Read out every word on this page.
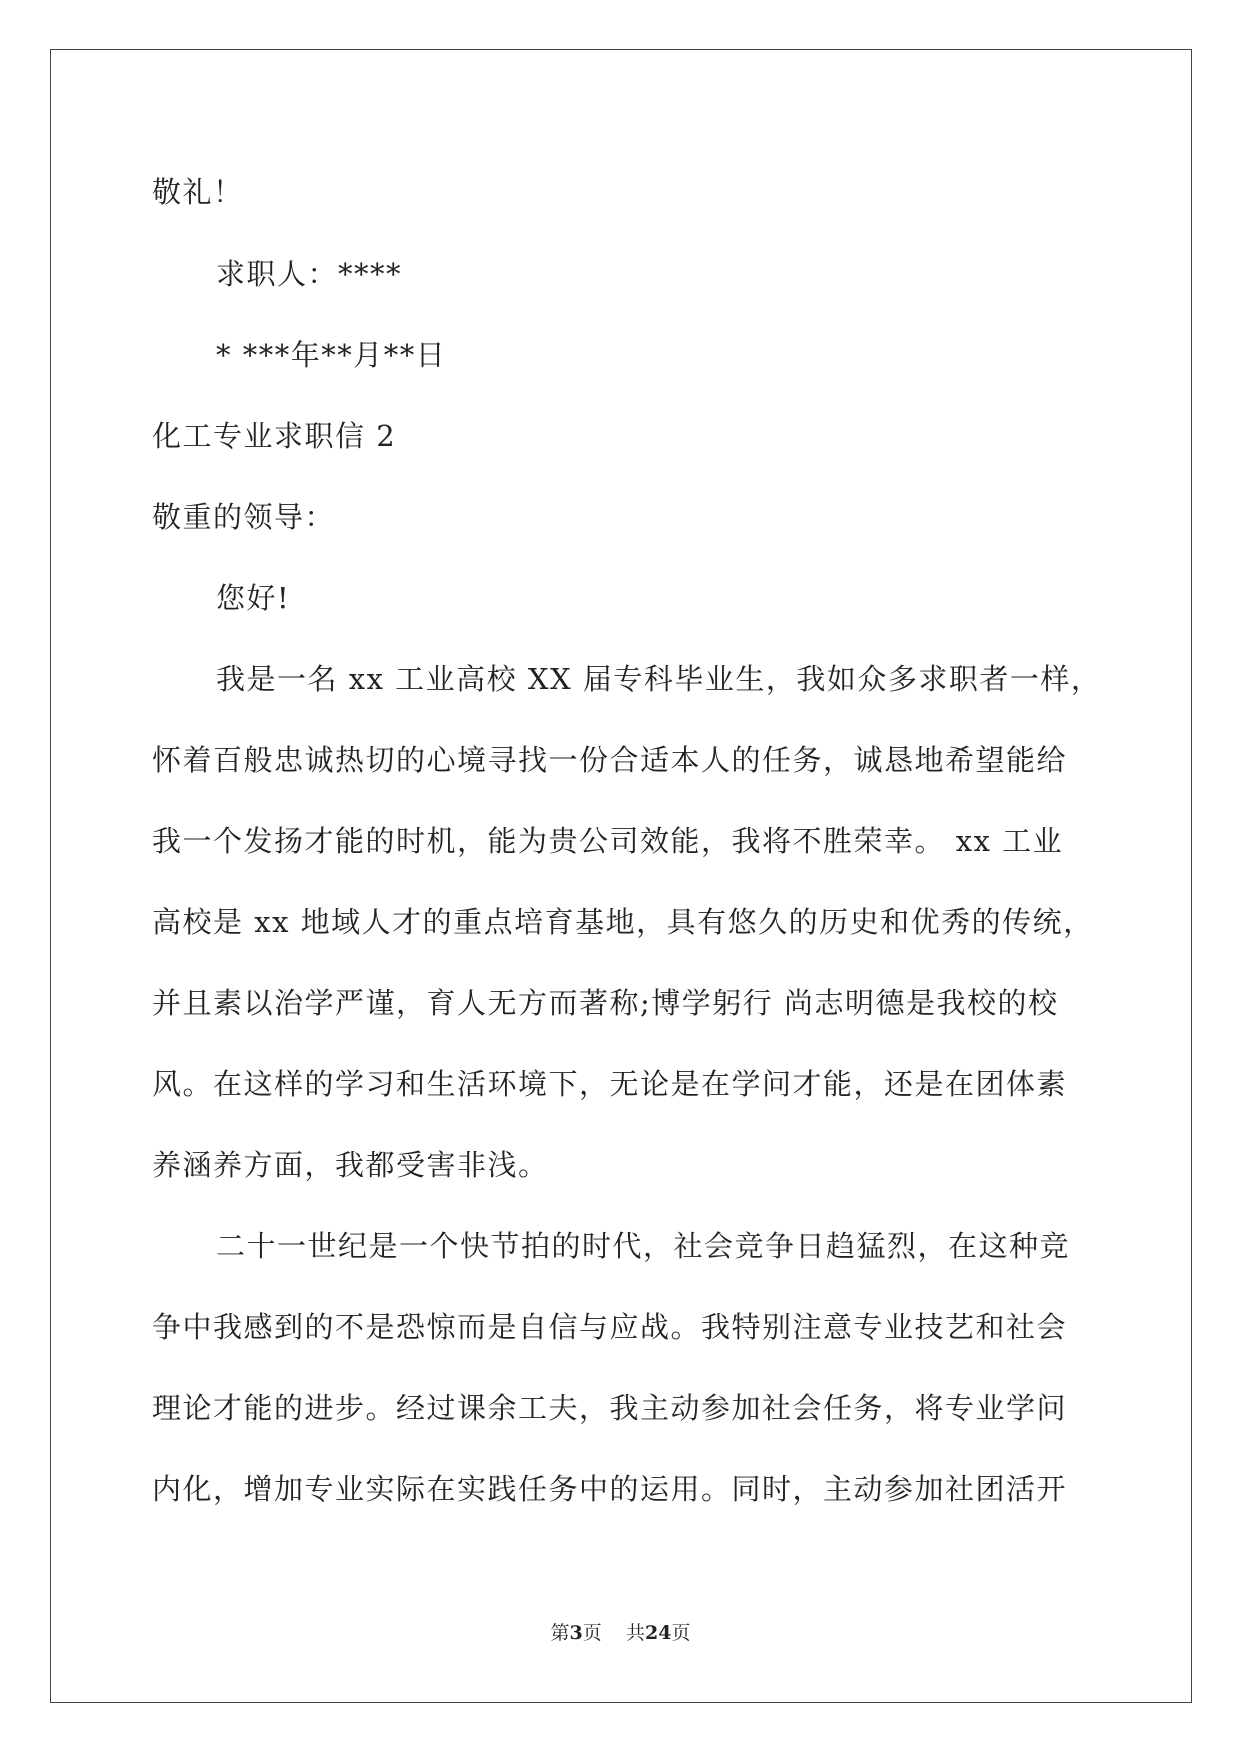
敬礼！
求职人：****
* ***年**月**日
化工专业求职信 2
敬重的领导：
您好!
我是一名 xx 工业高校 XX 届专科毕业生，我如众多求职者一样，
怀着百般忠诚热切的心境寻找一份合适本人的任务，诚恳地希望能给
我一个发扬才能的时机，能为贵公司效能，我将不胜荣幸。 xx 工业
高校是 xx 地域人才的重点培育基地，具有悠久的历史和优秀的传统，
并且素以治学严谨，育人无方而著称;博学躬行 尚志明德是我校的校
风。在这样的学习和生活环境下，无论是在学问才能，还是在团体素
养涵养方面，我都受害非浅。
二十一世纪是一个快节拍的时代，社会竞争日趋猛烈，在这种竞
争中我感到的不是恐惊而是自信与应战。我特别注意专业技艺和社会
理论才能的进步。经过课余工夫，我主动参加社会任务，将专业学问
内化，增加专业实际在实践任务中的运用。同时，主动参加社团活开
第3页 共24页
